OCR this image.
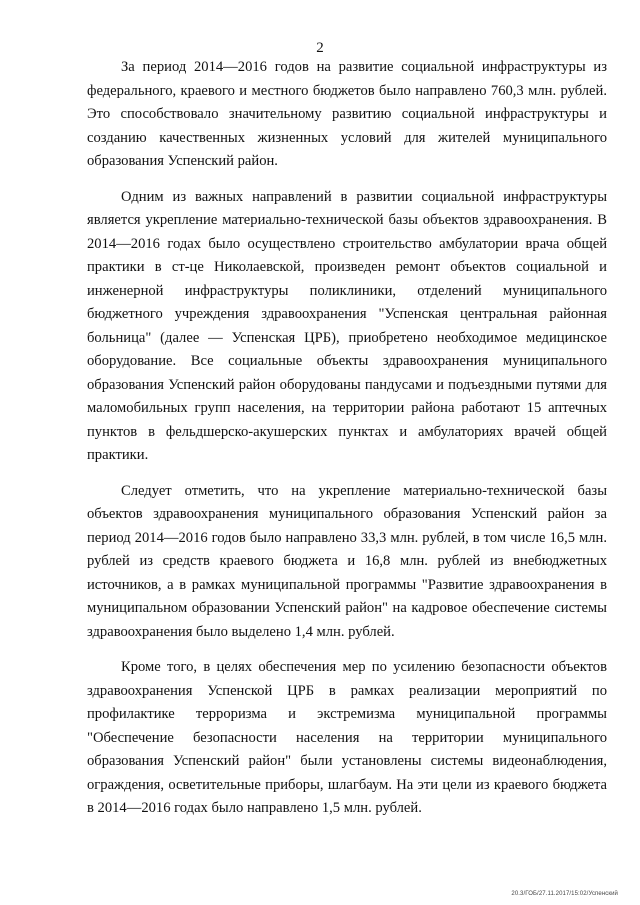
2

За период 2014—2016 годов на развитие социальной инфраструктуры из федерального, краевого и местного бюджетов было направлено 760,3 млн. рублей. Это способствовало значительному развитию социальной инфраструктуры и созданию качественных жизненных условий для жителей муниципального образования Успенский район.

Одним из важных направлений в развитии социальной инфраструктуры является укрепление материально-технической базы объектов здравоохранения. В 2014—2016 годах было осуществлено строительство амбулатории врача общей практики в ст-це Николаевской, произведен ремонт объектов социальной и инженерной инфраструктуры поликлиники, отделений муниципального бюджетного учреждения здравоохранения "Успенская центральная районная больница" (далее — Успенская ЦРБ), приобретено необходимое медицинское оборудование. Все социальные объекты здравоохранения муниципального образования Успенский район оборудованы пандусами и подъездными путями для маломобильных групп населения, на территории района работают 15 аптечных пунктов в фельдшерско-акушерских пунктах и амбулаториях врачей общей практики.

Следует отметить, что на укрепление материально-технической базы объектов здравоохранения муниципального образования Успенский район за период 2014—2016 годов было направлено 33,3 млн. рублей, в том числе 16,5 млн. рублей из средств краевого бюджета и 16,8 млн. рублей из внебюджетных источников, а в рамках муниципальной программы "Развитие здравоохранения в муниципальном образовании Успенский район" на кадровое обеспечение системы здравоохранения было выделено 1,4 млн. рублей.

Кроме того, в целях обеспечения мер по усилению безопасности объектов здравоохранения Успенской ЦРБ в рамках реализации мероприятий по профилактике терроризма и экстремизма муниципальной программы "Обеспечение безопасности населения на территории муниципального образования Успенский район" были установлены системы видеонаблюдения, ограждения, осветительные приборы, шлагбаум. На эти цели из краевого бюджета в 2014—2016 годах было направлено 1,5 млн. рублей.

20.3/ГОБ/27.11.2017/15:02/Успенский
